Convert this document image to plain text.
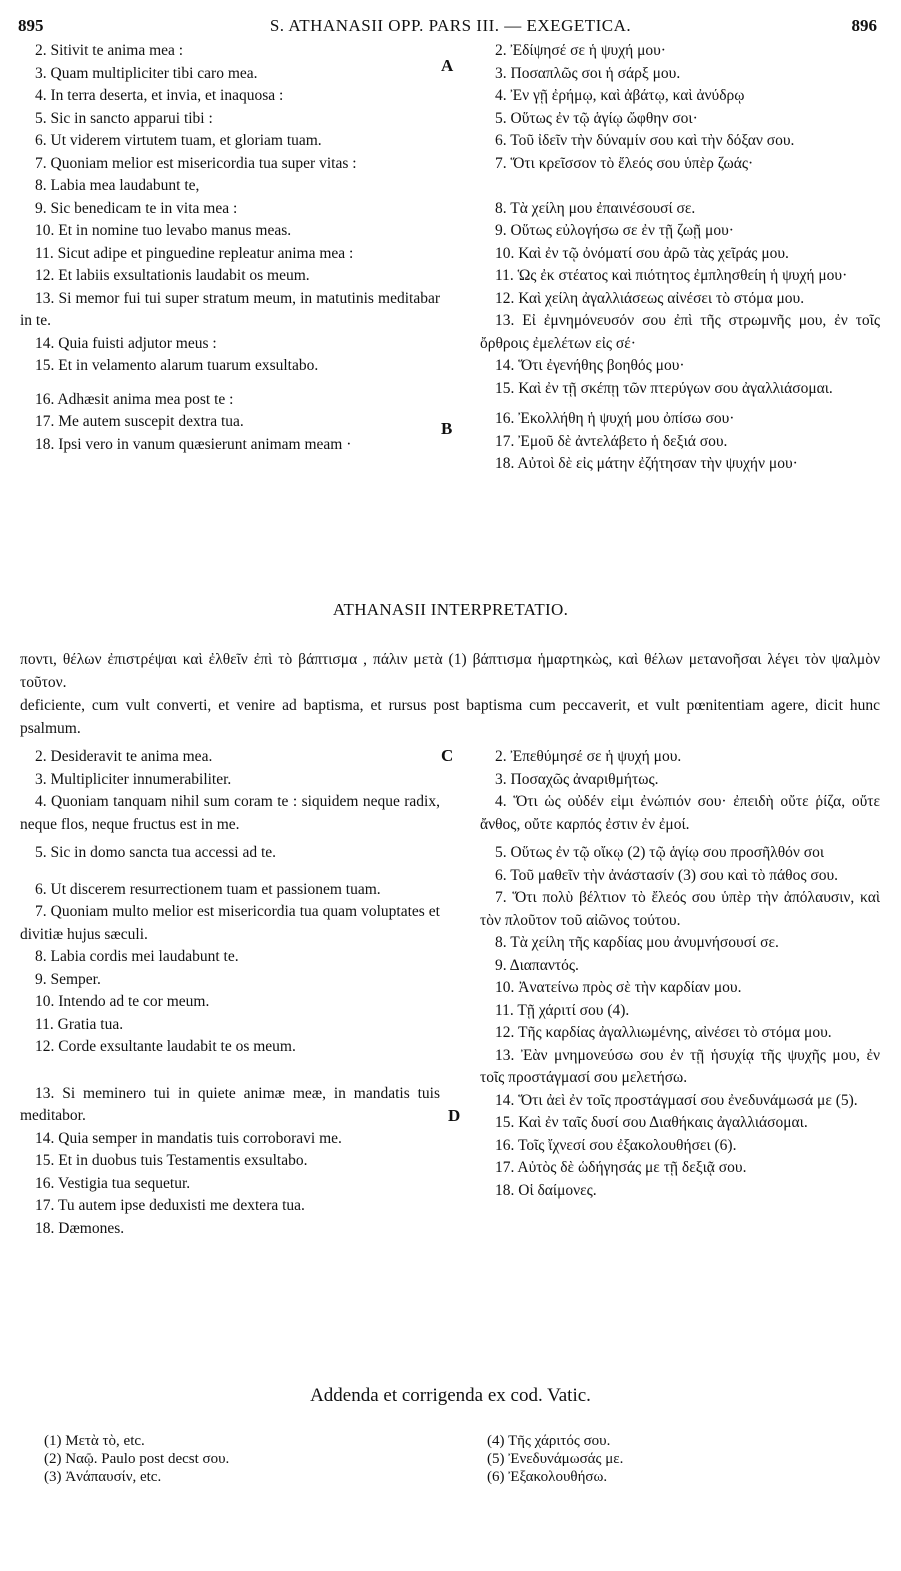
895	S. ATHANASII OPP. PARS III. — EXEGETICA.	896
A
B
C
D

2. Sitivit te anima mea :

3. Quam multipliciter tibi caro mea.

4. In terra deserta, et invia, et inaquosa :

5. Sic in sancto apparui tibi :

6. Ut viderem virtutem tuam, et gloriam tuam.

7. Quoniam melior est misericordia tua super vitas :

8. Labia mea laudabunt te,

9. Sic benedicam te in vita mea :

10. Et in nomine tuo levabo manus meas.

11. Sicut adipe et pinguedine repleatur anima mea :

12. Et labiis exsultationis laudabit os meum.

13. Si memor fui tui super stratum meum, in matutinis meditabar in te.

14. Quia fuisti adjutor meus :

15. Et in velamento alarum tuarum exsultabo.

16. Adhæsit anima mea post te :

17. Me autem suscepit dextra tua.

18. Ipsi vero in vanum quæsierunt animam meam ·

2. Ἐδίψησέ σε ἡ ψυχή μου·

3. Ποσαπλῶς σοι ἡ σάρξ μου.

4. Ἐν γῇ ἐρήμῳ, καὶ ἀβάτῳ, καὶ ἀνύδρῳ

5. Οὕτως ἐν τῷ ἁγίῳ ὤφθην σοι·

6. Τοῦ ἰδεῖν τὴν δύναμίν σου καὶ τὴν δόξαν σου.

7. Ὅτι κρεῖσσον τὸ ἔλεός σου ὑπὲρ ζωάς·

8. Τὰ χείλη μου ἐπαινέσουσί σε.

9. Οὕτως εὐλογήσω σε ἐν τῇ ζωῇ μου·

10. Καὶ ἐν τῷ ὀνόματί σου ἀρῶ τὰς χεῖράς μου.

11. Ὡς ἐκ στέατος καὶ πιότητος ἐμπλησθείη ἡ ψυχή μου·

12. Καὶ χείλη ἀγαλλιάσεως αἰνέσει τὸ στόμα μου.

13. Εἰ ἐμνημόνευσόν σου ἐπὶ τῆς στρωμνῆς μου, ἐν τοῖς ὄρθροις ἐμελέτων εἰς σέ·

14. Ὅτι ἐγενήθης βοηθός μου·

15. Καὶ ἐν τῇ σκέπῃ τῶν πτερύγων σου ἀγαλλιάσομαι.

16. Ἐκολλήθη ἡ ψυχή μου ὀπίσω σου·

17. Ἐμοῦ δὲ ἀντελάβετο ἡ δεξιά σου.

18. Αὐτοὶ δὲ εἰς μάτην ἐζήτησαν τὴν ψυχήν μου·

ATHANASII INTERPRETATIO.
ποντι, θέλων ἐπιστρέψαι καὶ ἐλθεῖν ἐπὶ τὸ βάπτισμα , πάλιν μετὰ (1) βάπτισμα ἡμαρτηκὼς, καὶ θέλων μετανοῆσαι λέγει τὸν ψαλμὸν τοῦτον.
deficiente, cum vult converti, et venire ad baptisma, et rursus post baptisma cum peccaverit, et vult pœnitentiam agere, dicit hunc psalmum.

2. Desideravit te anima mea.

3. Multipliciter innumerabiliter.

4. Quoniam tanquam nihil sum coram te : siquidem neque radix, neque flos, neque fructus est in me.

5. Sic in domo sancta tua accessi ad te.

6. Ut discerem resurrectionem tuam et passionem tuam.

7. Quoniam multo melior est misericordia tua quam voluptates et divitiæ hujus sæculi.

8. Labia cordis mei laudabunt te.

9. Semper.

10. Intendo ad te cor meum.

11. Gratia tua.

12. Corde exsultante laudabit te os meum.

13. Si meminero tui in quiete animæ meæ, in mandatis tuis meditabor.

14. Quia semper in mandatis tuis corroboravi me.

15. Et in duobus tuis Testamentis exsultabo.

16. Vestigia tua sequetur.

17. Tu autem ipse deduxisti me dextera tua.

18. Dæmones.

2. Ἐπεθύμησέ σε ἡ ψυχή μου.

3. Ποσαχῶς ἀναριθμήτως.

4. Ὅτι ὡς οὐδέν εἰμι ἐνώπιόν σου· ἐπειδὴ οὔτε ῥίζα, οὔτε ἄνθος, οὔτε καρπός ἐστιν ἐν ἐμοί.

5. Οὕτως ἐν τῷ οἴκῳ (2) τῷ ἁγίῳ σου προσῆλθόν σοι

6. Τοῦ μαθεῖν τὴν ἀνάστασίν (3) σου καὶ τὸ πάθος σου.

7. Ὅτι πολὺ βέλτιον τὸ ἔλεός σου ὑπὲρ τὴν ἀπόλαυσιν, καὶ τὸν πλοῦτον τοῦ αἰῶνος τούτου.

8. Τὰ χείλη τῆς καρδίας μου ἀνυμνήσουσί σε.

9. Διαπαντός.

10. Ἀνατείνω πρὸς σὲ τὴν καρδίαν μου.

11. Τῇ χάριτί σου (4).

12. Τῆς καρδίας ἀγαλλιωμένης, αἰνέσει τὸ στόμα μου.

13. Ἐὰν μνημονεύσω σου ἐν τῇ ἡσυχίᾳ τῆς ψυχῆς μου, ἐν τοῖς προστάγμασί σου μελετήσω.

14. Ὅτι ἀεὶ ἐν τοῖς προστάγμασί σου ἐνεδυνάμωσά με (5).

15. Καὶ ἐν ταῖς δυσί σου Διαθήκαις ἀγαλλιάσομαι.

16. Τοῖς ἴχνεσί σου ἐξακολουθήσει (6).

17. Αὐτὸς δὲ ὡδήγησάς με τῇ δεξιᾷ σου.

18. Οἱ δαίμονες.

Addenda et corrigenda ex cod. Vatic.

(1) Μετὰ τὸ, etc.

(2) Ναῷ. Paulo post decst σου.

(3) Ἀνάπαυσίν, etc.

(4) Τῆς χάριτός σου.

(5) Ἐνεδυνάμωσάς με.

(6) Ἐξακολουθήσω.
